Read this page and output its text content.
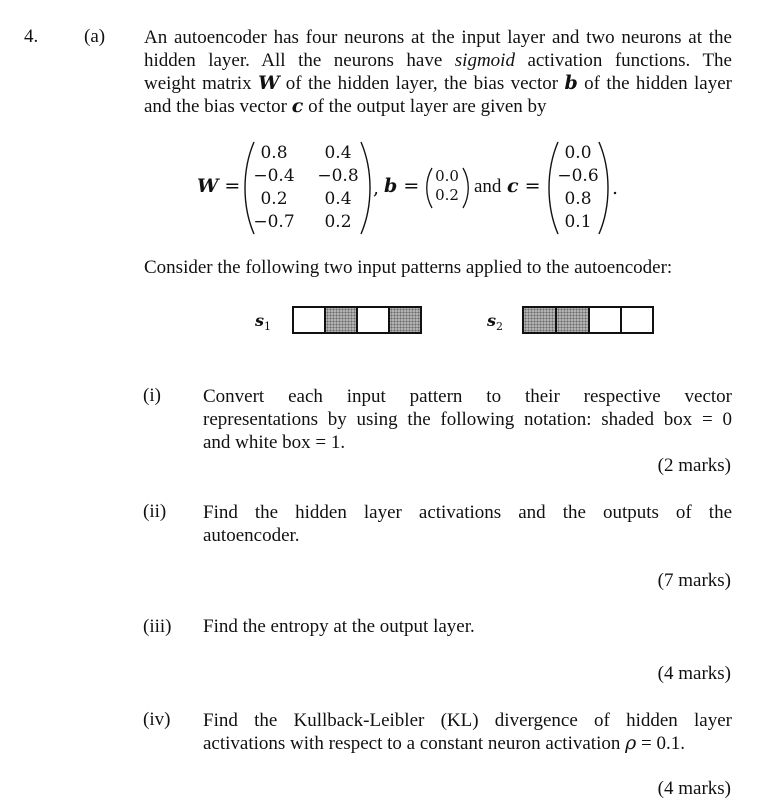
4. (a) An autoencoder has four neurons at the input layer and two neurons at the
hidden layer. All the neurons have sigmoid activation functions. The
weight matrix W of the hidden layer, the bias vector b of the hidden layer
and the bias vector c of the output layer are given by
W =
0.8	0.4
−0.4 −0.8
0.2	0.4
−0.7	0.2
, b =	0.0
0.2 and c =
0.0
−0.6
0.8
0.1
.
Consider the following two input patterns applied to the autoencoder:
$s_1$	$s_2$
(i) Convert each input pattern to their respective vector
representations by using the following notation: shaded box = 0
and white box = 1.
(2 marks)
(ii) Find the hidden layer activations and the outputs of the
autoencoder.
(7 marks)
(iii) Find the entropy at the output layer.
(4 marks)
(iv) Find the Kullback-Leibler (KL) divergence of hidden layer
activations with respect to a constant neuron activation ρ = 0.1.
(4 marks)
